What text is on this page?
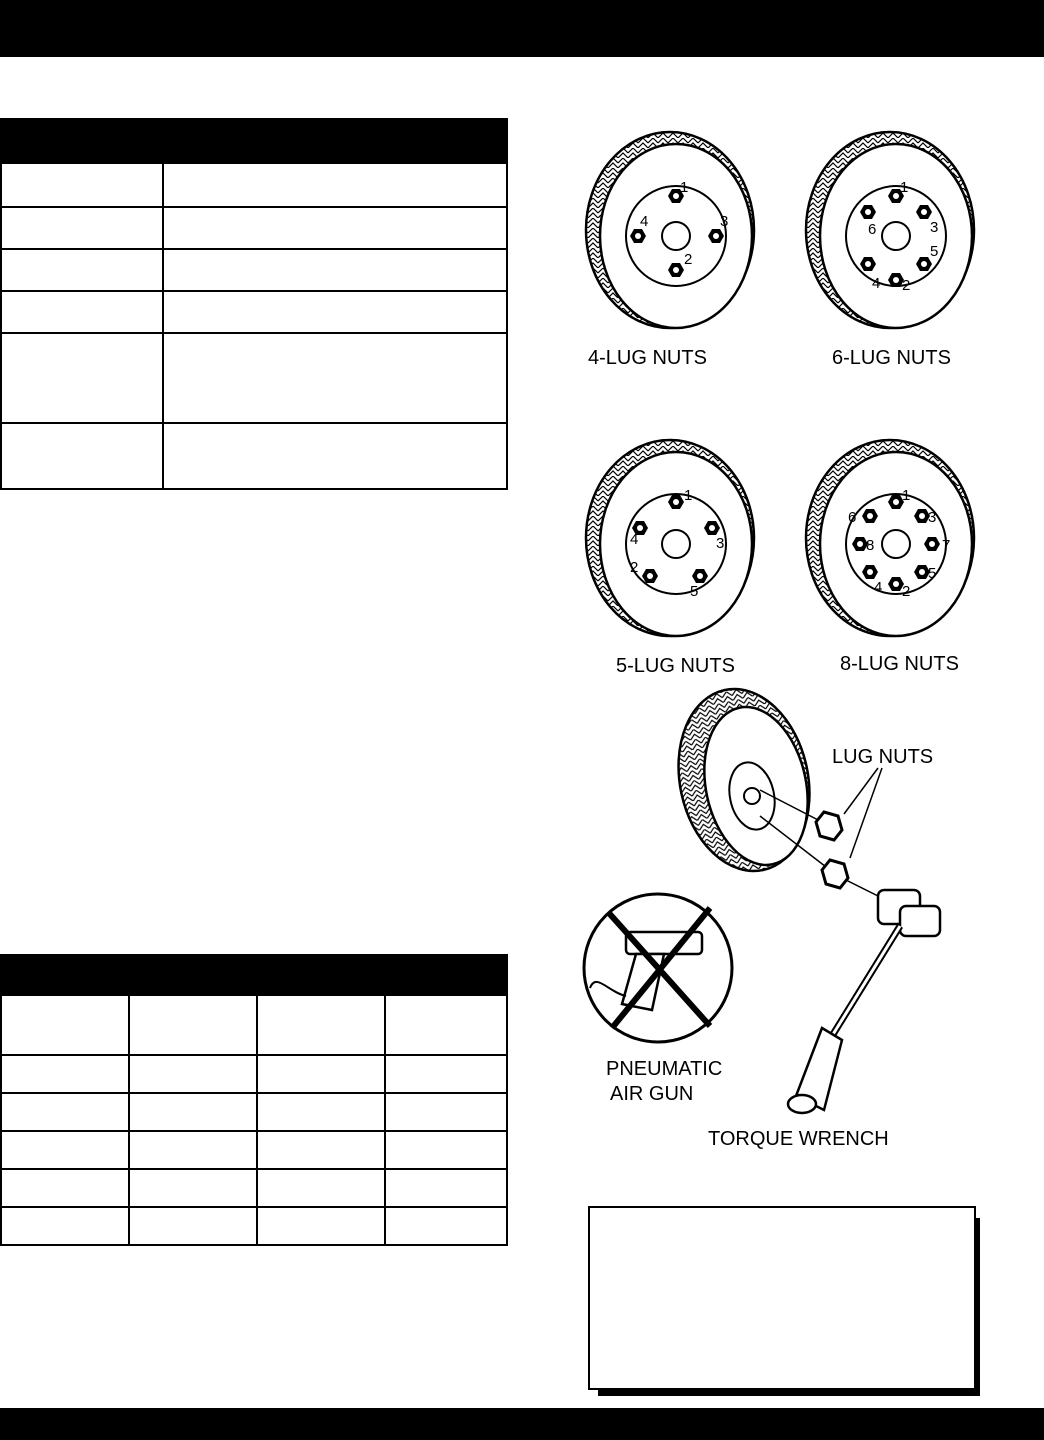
1
2
3
4
4-LUG NUTS
1
2
3
4
5
6
6-LUG NUTS
1
2
3
4
5
5-LUG NUTS
1
2
3
4
5
6
7
8
8-LUG NUTS
LUG NUTS
TORQUE WRENCH
PNEUMATIC
AIR GUN
